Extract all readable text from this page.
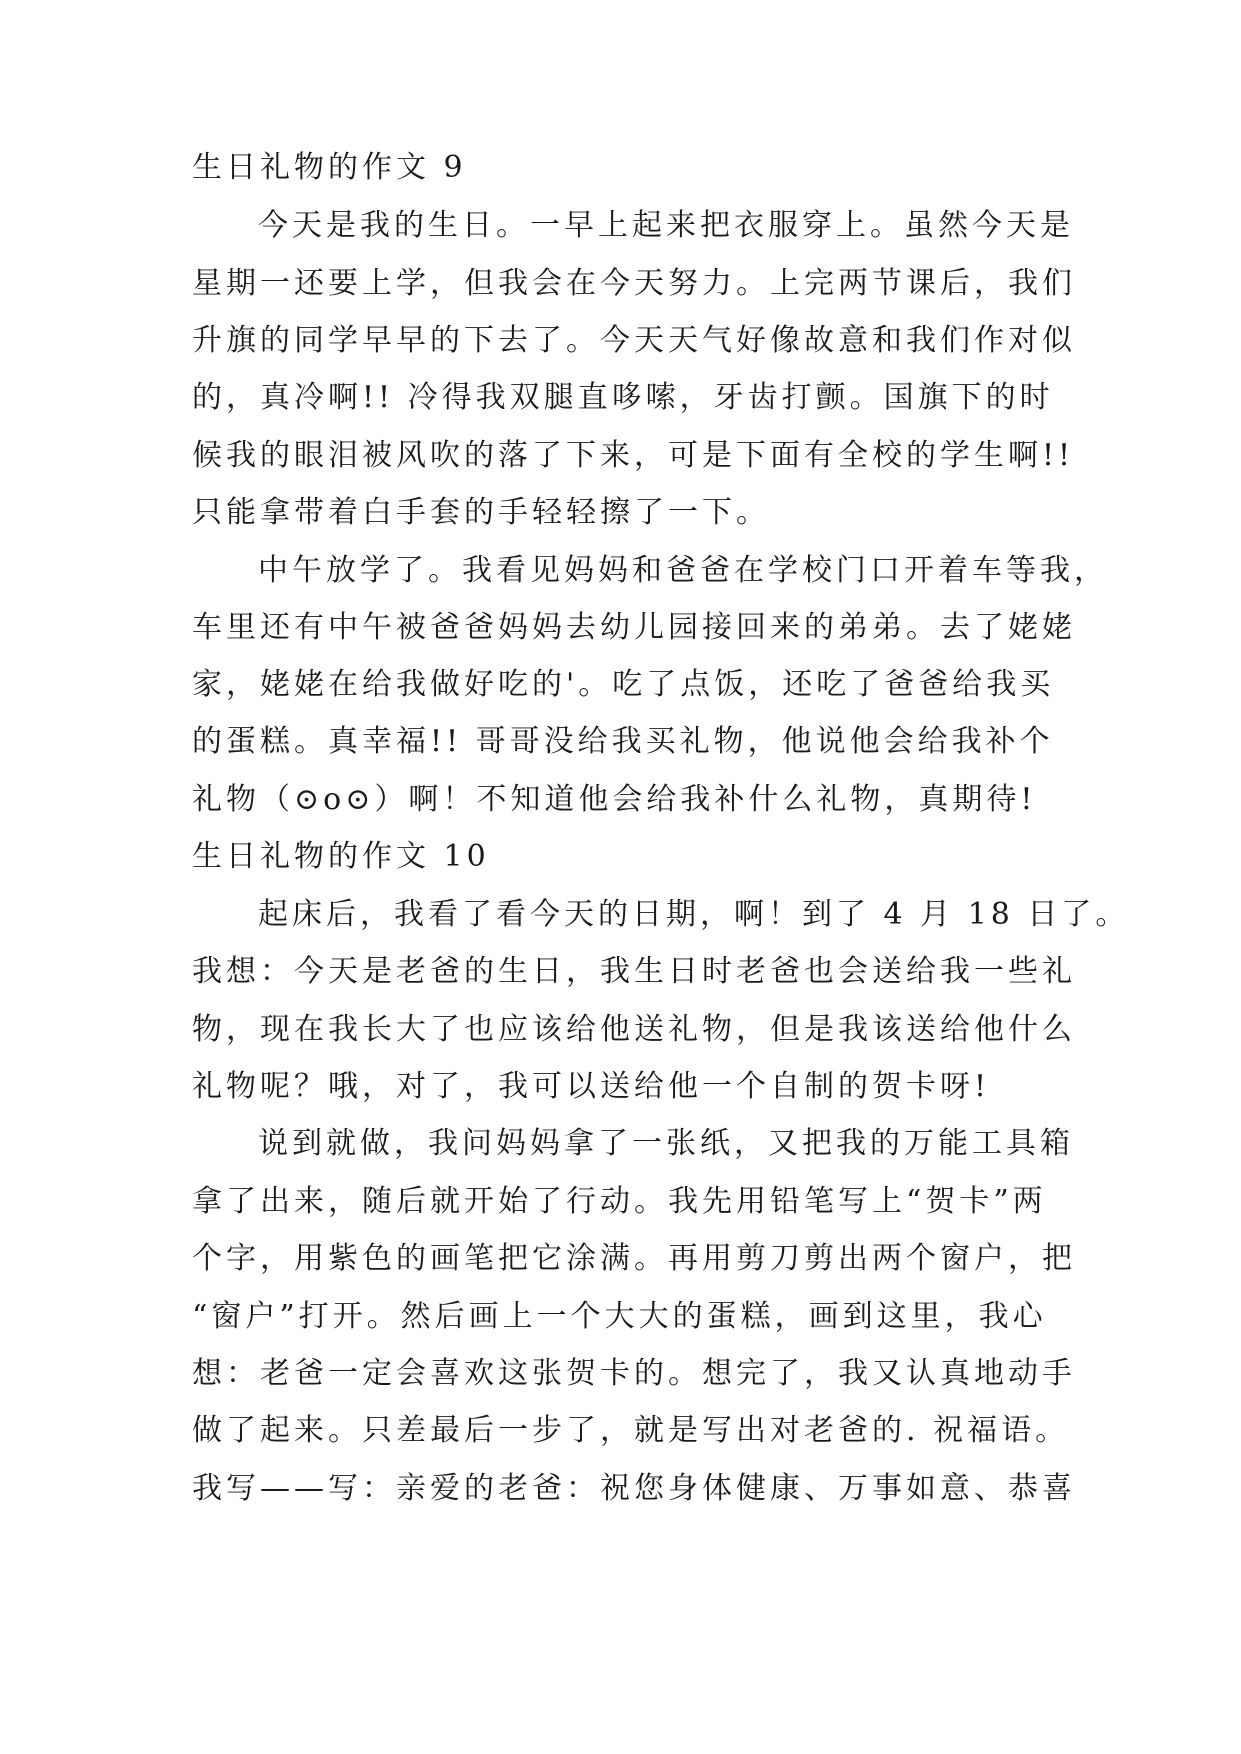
生日礼物的作文 9

今天是我的生日。一早上起来把衣服穿上。虽然今天是

星期一还要上学，但我会在今天努力。上完两节课后，我们

升旗的同学早早的下去了。今天天气好像故意和我们作对似

的，真冷啊!! 冷得我双腿直哆嗦，牙齿打颤。国旗下的时

候我的眼泪被风吹的落了下来，可是下面有全校的学生啊!!

只能拿带着白手套的手轻轻擦了一下。

中午放学了。我看见妈妈和爸爸在学校门口开着车等我，

车里还有中午被爸爸妈妈去幼儿园接回来的弟弟。去了姥姥

家，姥姥在给我做好吃的'。吃了点饭，还吃了爸爸给我买

的蛋糕。真幸福!! 哥哥没给我买礼物，他说他会给我补个

礼物（⊙o⊙）啊！不知道他会给我补什么礼物，真期待!

生日礼物的作文 10

起床后，我看了看今天的日期，啊！到了 4 月 18 日了。

我想：今天是老爸的生日，我生日时老爸也会送给我一些礼

物，现在我长大了也应该给他送礼物，但是我该送给他什么

礼物呢？哦，对了，我可以送给他一个自制的贺卡呀!

说到就做，我问妈妈拿了一张纸，又把我的万能工具箱

拿了出来，随后就开始了行动。我先用铅笔写上“贺卡”两

个字，用紫色的画笔把它涂满。再用剪刀剪出两个窗户，把

“窗户”打开。然后画上一个大大的蛋糕，画到这里，我心

想：老爸一定会喜欢这张贺卡的。想完了，我又认真地动手

做了起来。只差最后一步了，就是写出对老爸的. 祝福语。

我写——写：亲爱的老爸：祝您身体健康、万事如意、恭喜
